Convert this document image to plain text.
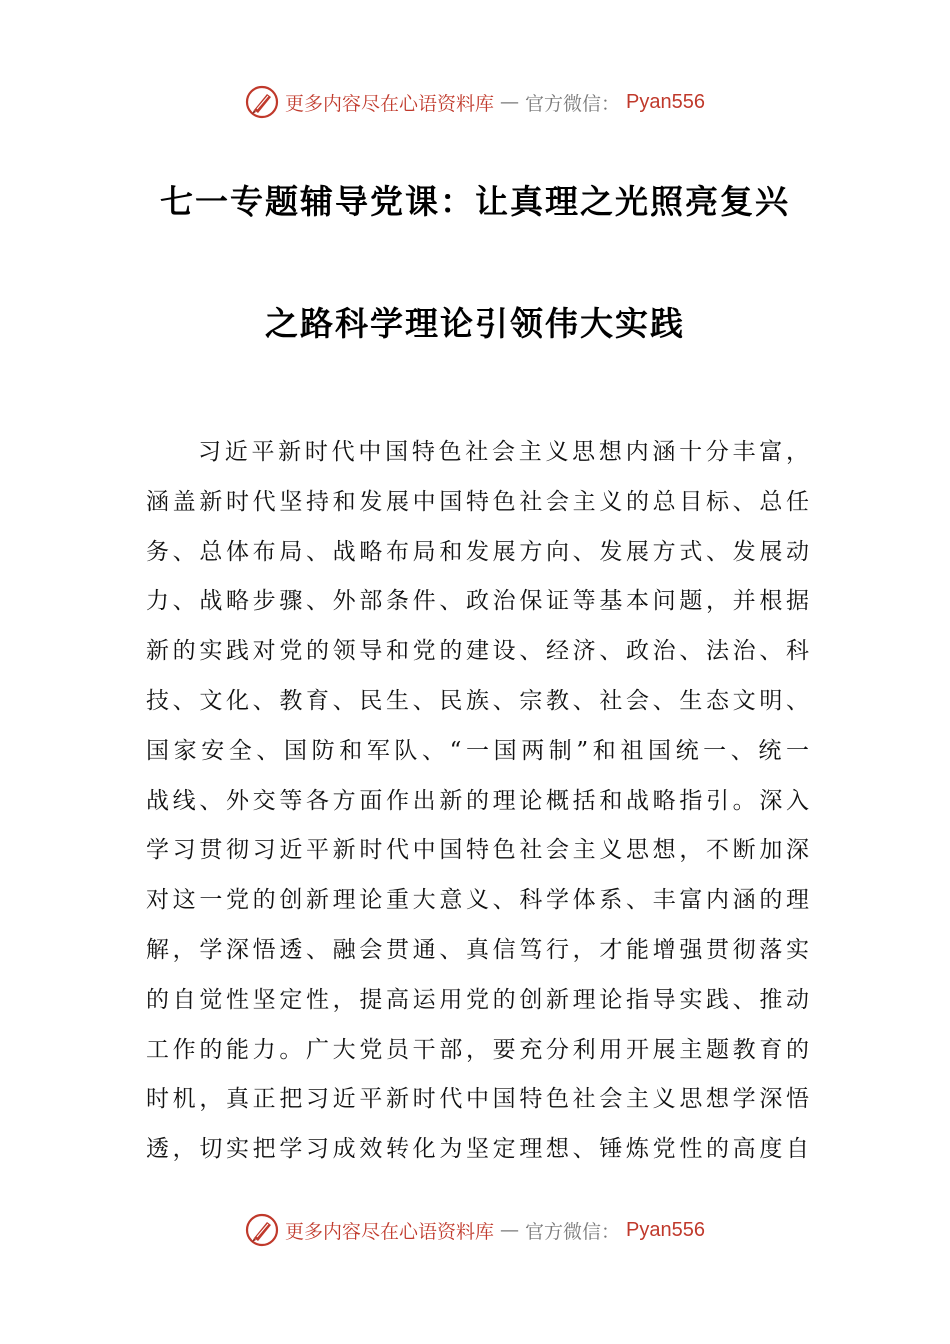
更多内容尽在心语资料库 — 官方微信： Pyan556
七一专题辅导党课：让真理之光照亮复兴
之路科学理论引领伟大实践
习近平新时代中国特色社会主义思想内涵十分丰富，
涵盖新时代坚持和发展中国特色社会主义的总目标、总任
务、总体布局、战略布局和发展方向、发展方式、发展动
力、战略步骤、外部条件、政治保证等基本问题，并根据
新的实践对党的领导和党的建设、经济、政治、法治、科
技、文化、教育、民生、民族、宗教、社会、生态文明、
国家安全、国防和军队、“一国两制”和祖国统一、统一
战线、外交等各方面作出新的理论概括和战略指引。深入
学习贯彻习近平新时代中国特色社会主义思想，不断加深
对这一党的创新理论重大意义、科学体系、丰富内涵的理
解，学深悟透、融会贯通、真信笃行，才能增强贯彻落实
的自觉性坚定性，提高运用党的创新理论指导实践、推动
工作的能力。广大党员干部，要充分利用开展主题教育的
时机，真正把习近平新时代中国特色社会主义思想学深悟
透，切实把学习成效转化为坚定理想、锤炼党性的高度自
更多内容尽在心语资料库 — 官方微信： Pyan556
